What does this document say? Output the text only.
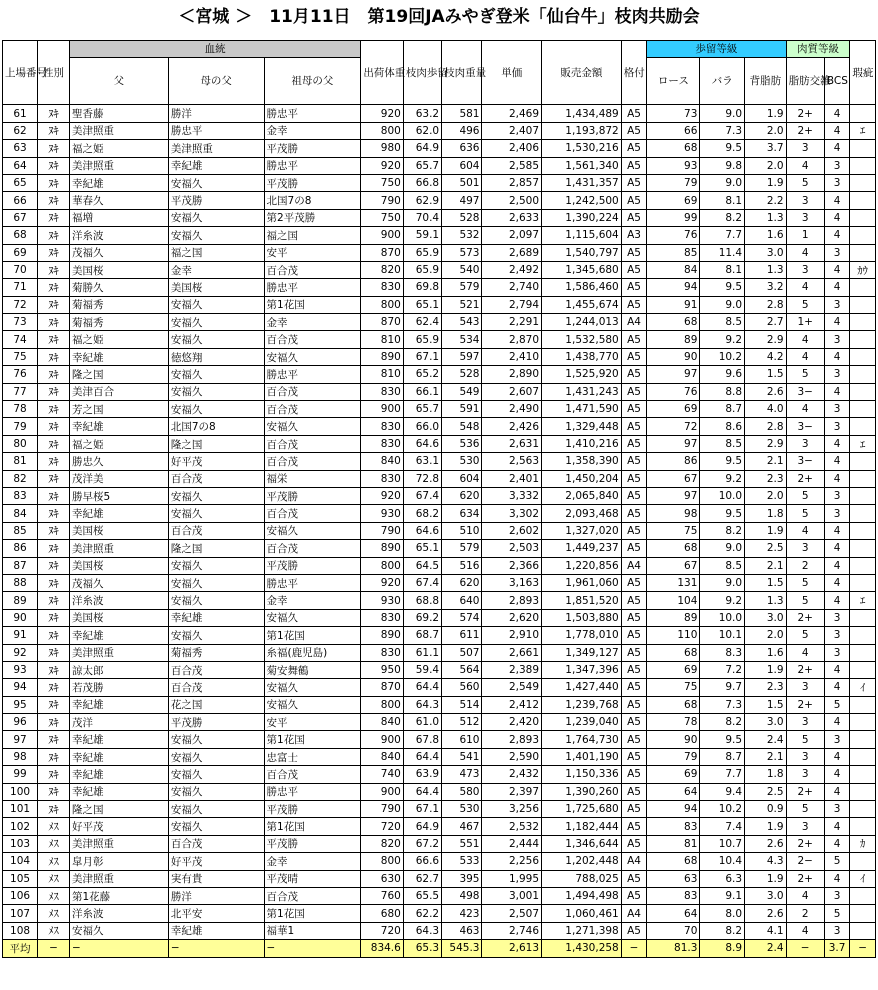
＜宮城 ＞　11月11日　第19回JAみやぎ登米「仙台牛」枝肉共励会
上場番号	性別	血統			出荷体重	枝肉歩留	枝肉重量	単価	販売金額	格付	歩留等級			肉質等級		瑕疵
		父	母の父	祖母の父							ロース	バラ	背脂肪	脂肪交雑	BCS	
61	ﾇｷ	聖香藤	勝洋	勝忠平	920	63.2	581	2,469	1,434,489	A5	73	9.0	1.9	2+	4	
62	ﾇｷ	美津照重	勝忠平	金幸	800	62.0	496	2,407	1,193,872	A5	66	7.3	2.0	2+	4	ｴ
63	ﾇｷ	福之姫	美津照重	平茂勝	980	64.9	636	2,406	1,530,216	A5	68	9.5	3.7	3	4	
64	ﾇｷ	美津照重	幸紀雄	勝忠平	920	65.7	604	2,585	1,561,340	A5	93	9.8	2.0	4	3	
65	ﾇｷ	幸紀雄	安福久	平茂勝	750	66.8	501	2,857	1,431,357	A5	79	9.0	1.9	5	3	
66	ﾇｷ	華春久	平茂勝	北国7の8	790	62.9	497	2,500	1,242,500	A5	69	8.1	2.2	3	4	
67	ﾇｷ	福増	安福久	第2平茂勝	750	70.4	528	2,633	1,390,224	A5	99	8.2	1.3	3	4	
68	ﾇｷ	洋糸波	安福久	福之国	900	59.1	532	2,097	1,115,604	A3	76	7.7	1.6	1	4	
69	ﾇｷ	茂福久	福之国	安平	870	65.9	573	2,689	1,540,797	A5	85	11.4	3.0	4	3	
70	ﾇｷ	美国桜	金幸	百合茂	820	65.9	540	2,492	1,345,680	A5	84	8.1	1.3	3	4	ｶｳ
71	ﾇｷ	菊勝久	美国桜	勝忠平	830	69.8	579	2,740	1,586,460	A5	94	9.5	3.2	4	4	
72	ﾇｷ	菊福秀	安福久	第1花国	800	65.1	521	2,794	1,455,674	A5	91	9.0	2.8	5	3	
73	ﾇｷ	菊福秀	安福久	金幸	870	62.4	543	2,291	1,244,013	A4	68	8.5	2.7	1+	4	
74	ﾇｷ	福之姫	安福久	百合茂	810	65.9	534	2,870	1,532,580	A5	89	9.2	2.9	4	3	
75	ﾇｷ	幸紀雄	徳悠翔	安福久	890	67.1	597	2,410	1,438,770	A5	90	10.2	4.2	4	4	
76	ﾇｷ	隆之国	安福久	勝忠平	810	65.2	528	2,890	1,525,920	A5	97	9.6	1.5	5	3	
77	ﾇｷ	美津百合	安福久	百合茂	830	66.1	549	2,607	1,431,243	A5	76	8.8	2.6	3−	4	
78	ﾇｷ	芳之国	安福久	百合茂	900	65.7	591	2,490	1,471,590	A5	69	8.7	4.0	4	3	
79	ﾇｷ	幸紀雄	北国7の8	安福久	830	66.0	548	2,426	1,329,448	A5	72	8.6	2.8	3−	3	
80	ﾇｷ	福之姫	隆之国	百合茂	830	64.6	536	2,631	1,410,216	A5	97	8.5	2.9	3	4	ｴ
81	ﾇｷ	勝忠久	好平茂	百合茂	840	63.1	530	2,563	1,358,390	A5	86	9.5	2.1	3−	4	
82	ﾇｷ	茂洋美	百合茂	福栄	830	72.8	604	2,401	1,450,204	A5	67	9.2	2.3	2+	4	
83	ﾇｷ	勝早桜5	安福久	平茂勝	920	67.4	620	3,332	2,065,840	A5	97	10.0	2.0	5	3	
84	ﾇｷ	幸紀雄	安福久	百合茂	930	68.2	634	3,302	2,093,468	A5	98	9.5	1.8	5	3	
85	ﾇｷ	美国桜	百合茂	安福久	790	64.6	510	2,602	1,327,020	A5	75	8.2	1.9	4	4	
86	ﾇｷ	美津照重	隆之国	百合茂	890	65.1	579	2,503	1,449,237	A5	68	9.0	2.5	3	4	
87	ﾇｷ	美国桜	安福久	平茂勝	800	64.5	516	2,366	1,220,856	A4	67	8.5	2.1	2	4	
88	ﾇｷ	茂福久	安福久	勝忠平	920	67.4	620	3,163	1,961,060	A5	131	9.0	1.5	5	4	
89	ﾇｷ	洋糸波	安福久	金幸	930	68.8	640	2,893	1,851,520	A5	104	9.2	1.3	5	4	ｴ
90	ﾇｷ	美国桜	幸紀雄	安福久	830	69.2	574	2,620	1,503,880	A5	89	10.0	3.0	2+	3	
91	ﾇｷ	幸紀雄	安福久	第1花国	890	68.7	611	2,910	1,778,010	A5	110	10.1	2.0	5	3	
92	ﾇｷ	美津照重	菊福秀	糸福(鹿児島)	830	61.1	507	2,661	1,349,127	A5	68	8.3	1.6	4	3	
93	ﾇｷ	諒太郎	百合茂	菊安舞鶴	950	59.4	564	2,389	1,347,396	A5	69	7.2	1.9	2+	4	
94	ﾇｷ	若茂勝	百合茂	安福久	870	64.4	560	2,549	1,427,440	A5	75	9.7	2.3	3	4	ｲ
95	ﾇｷ	幸紀雄	花之国	安福久	800	64.3	514	2,412	1,239,768	A5	68	7.3	1.5	2+	5	
96	ﾇｷ	茂洋	平茂勝	安平	840	61.0	512	2,420	1,239,040	A5	78	8.2	3.0	3	4	
97	ﾇｷ	幸紀雄	安福久	第1花国	900	67.8	610	2,893	1,764,730	A5	90	9.5	2.4	5	3	
98	ﾇｷ	幸紀雄	安福久	忠富士	840	64.4	541	2,590	1,401,190	A5	79	8.7	2.1	3	4	
99	ﾇｷ	幸紀雄	安福久	百合茂	740	63.9	473	2,432	1,150,336	A5	69	7.7	1.8	3	4	
100	ﾇｷ	幸紀雄	安福久	勝忠平	900	64.4	580	2,397	1,390,260	A5	64	9.4	2.5	2+	4	
101	ﾇｷ	隆之国	安福久	平茂勝	790	67.1	530	3,256	1,725,680	A5	94	10.2	0.9	5	3	
102	ﾒｽ	好平茂	安福久	第1花国	720	64.9	467	2,532	1,182,444	A5	83	7.4	1.9	3	4	
103	ﾒｽ	美津照重	百合茂	平茂勝	820	67.2	551	2,444	1,346,644	A5	81	10.7	2.6	2+	4	ｶ
104	ﾒｽ	皐月彰	好平茂	金幸	800	66.6	533	2,256	1,202,448	A4	68	10.4	4.3	2−	5	
105	ﾒｽ	美津照重	実有貴	平茂晴	630	62.7	395	1,995	788,025	A5	63	6.3	1.9	2+	4	ｲ
106	ﾒｽ	第1花藤	勝洋	百合茂	760	65.5	498	3,001	1,494,498	A5	83	9.1	3.0	4	3	
107	ﾒｽ	洋糸波	北平安	第1花国	680	62.2	423	2,507	1,060,461	A4	64	8.0	2.6	2	5	
108	ﾒｽ	安福久	幸紀雄	福華1	720	64.3	463	2,746	1,271,398	A5	70	8.2	4.1	4	3	
平均	−	−	−	−	834.6	65.3	545.3	2,613	1,430,258	−	81.3	8.9	2.4	−	3.7	−
